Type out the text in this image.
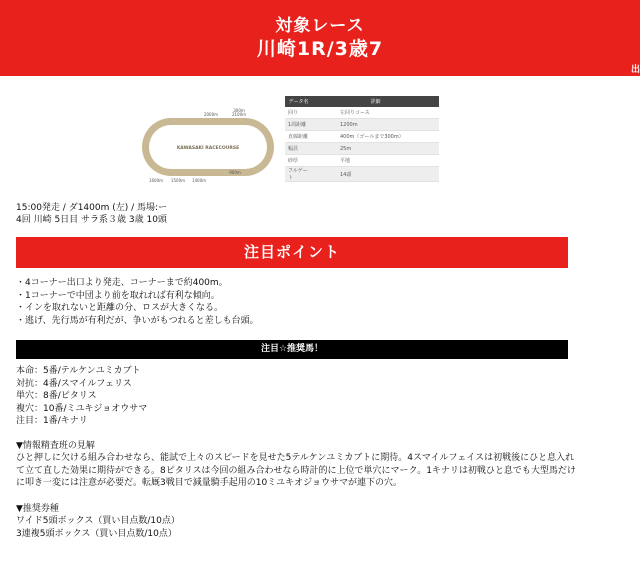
対象レース
川崎1R/3歳7
出
KAWASAKI RACECOURSE
2000m
300m
2100m
1600m 1500m 1400m
900m
データ名	詳細
回り	左回りコース
1周距離	1200m
直線距離	400m（ゴールまで300m）
幅員	25m
砂厚	平地
フルゲート	14頭
15:00発走 / ダ1400m (左) / 馬場:ー
4回 川崎 5日目 サラ系３歳 3歳 10頭
注目ポイント
・4コーナー出口より発走、コーナーまで約400m。
・1コーナーで中団より前を取れれば有利な傾向。
・インを取れないと距離の分、ロスが大きくなる。
・逃げ、先行馬が有利だが、争いがもつれると差しも台頭。
注目☆推奨馬！
本命：5番/テルケンユミカブト
対抗：4番/スマイルフェリス
単穴：8番/ピタリス
複穴：10番/ミユキジョオウサマ
注目：1番/キナリ
▼情報精査班の見解
ひと押しに欠ける組み合わせなら、能試で上々のスピードを見せた5テルケンユミカブトに期待。4スマイルフェイスは初戦後にひと息入れて立て直した効果に期待ができる。8ピタリスは今回の組み合わせなら時計的に上位で単穴にマーク。1キナリは初戦ひと息でも大型馬だけに叩き一変には注意が必要だ。転厩3戦目で減量騎手起用の10ミユキオジョウサマが連下の穴。
▼推奨券種
ワイド5頭ボックス（買い目点数/10点）
3連複5頭ボックス（買い目点数/10点）
